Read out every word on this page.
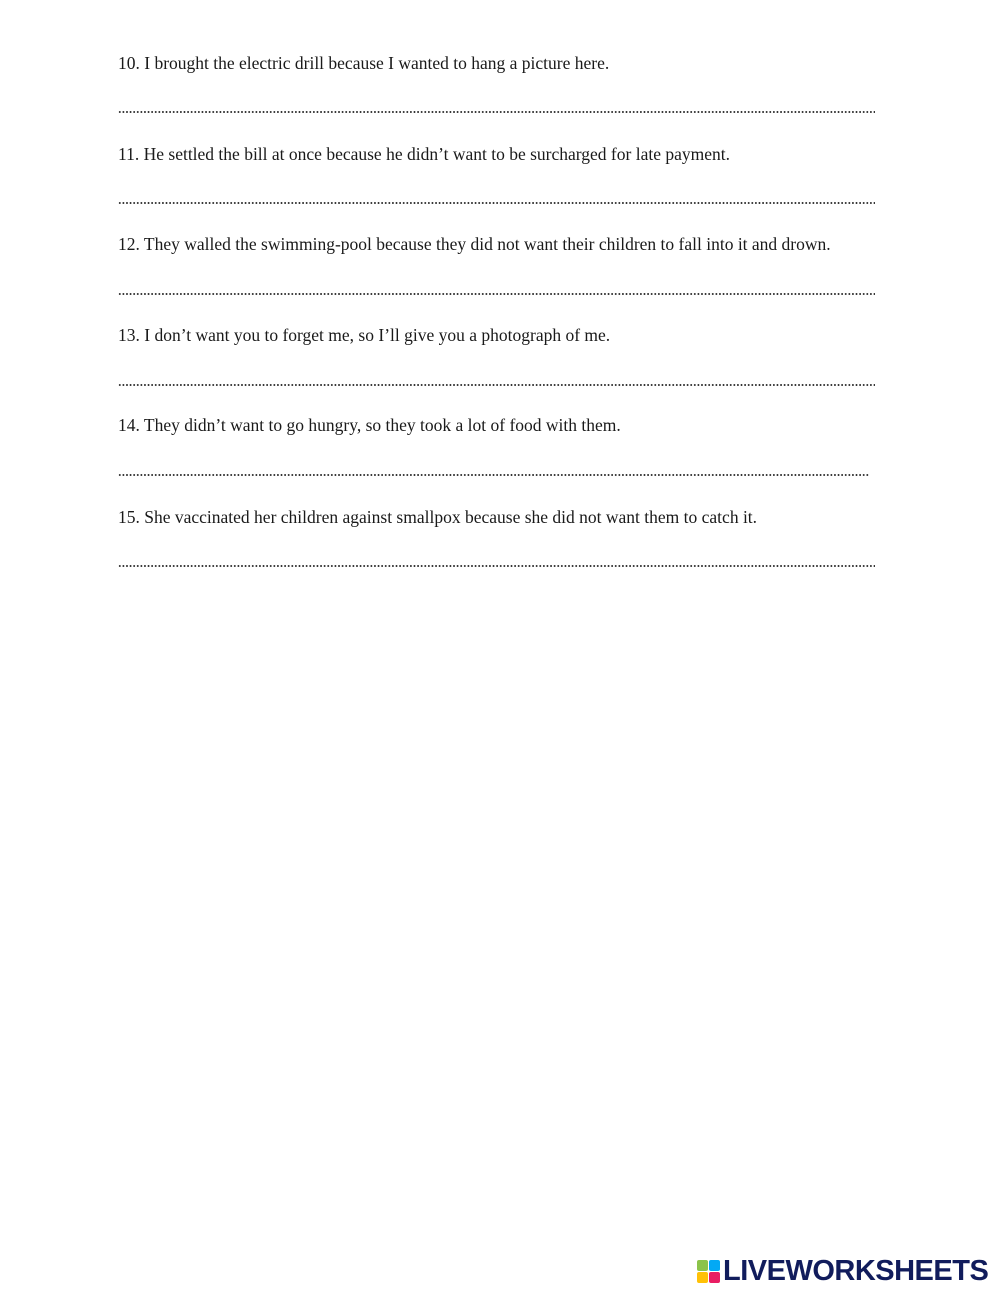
10. I brought the electric drill because I wanted to hang a picture here.
11. He settled the bill at once because he didn’t want to be surcharged for late payment.
12. They walled the swimming-pool because they did not want their children to fall into it and drown.
13. I don’t want you to forget me, so I’ll give you a photograph of me.
14. They didn’t want to go hungry, so they took a lot of food with them.
15. She vaccinated her children against smallpox because she did not want them to catch it.
LIVEWORKSHEETS
